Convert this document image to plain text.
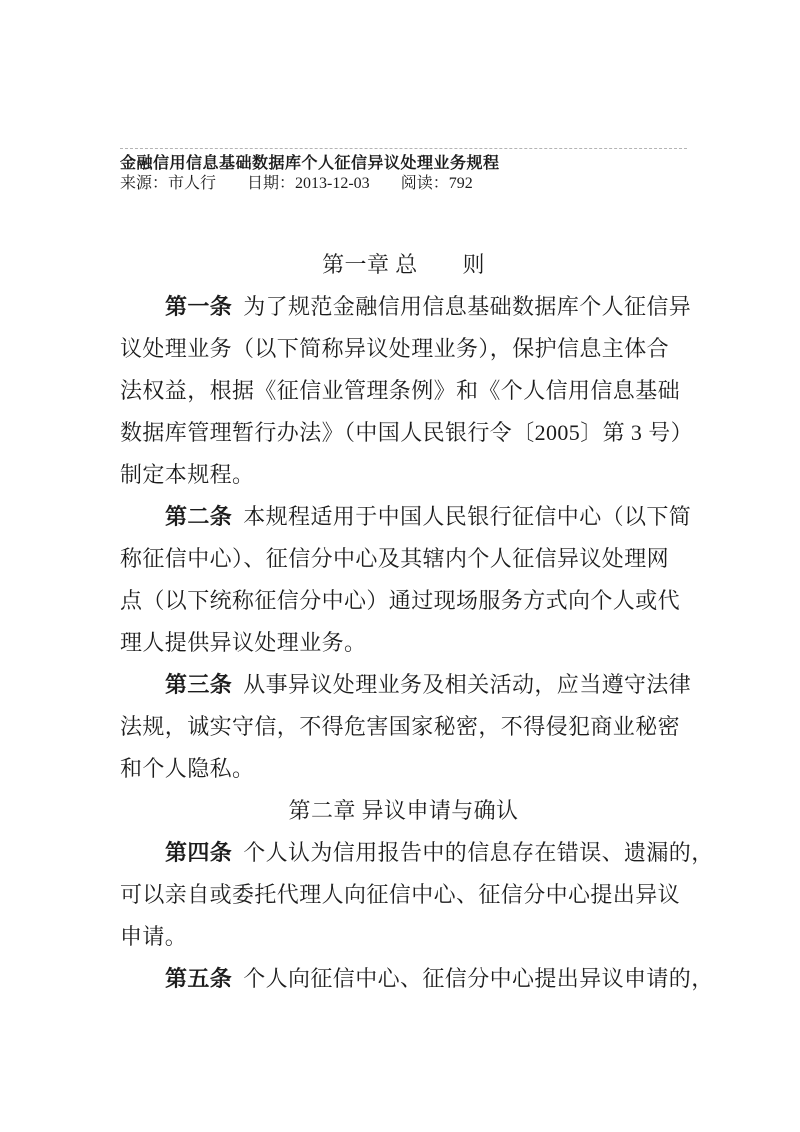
金融信用信息基础数据库个人征信异议处理业务规程
来源：市人行 日期：2013-12-03 阅读：792
第一章 总　　则
第一条 为了规范金融信用信息基础数据库个人征信异
议处理业务（以下简称异议处理业务），保护信息主体合
法权益，根据《征信业管理条例》和《个人信用信息基础
数据库管理暂行办法》（中国人民银行令〔2005〕第 3 号）
制定本规程。
第二条 本规程适用于中国人民银行征信中心（以下简
称征信中心）、征信分中心及其辖内个人征信异议处理网
点（以下统称征信分中心）通过现场服务方式向个人或代
理人提供异议处理业务。
第三条 从事异议处理业务及相关活动，应当遵守法律
法规，诚实守信，不得危害国家秘密，不得侵犯商业秘密
和个人隐私。
第二章 异议申请与确认
第四条 个人认为信用报告中的信息存在错误、遗漏的，
可以亲自或委托代理人向征信中心、征信分中心提出异议
申请。
第五条 个人向征信中心、征信分中心提出异议申请的，
